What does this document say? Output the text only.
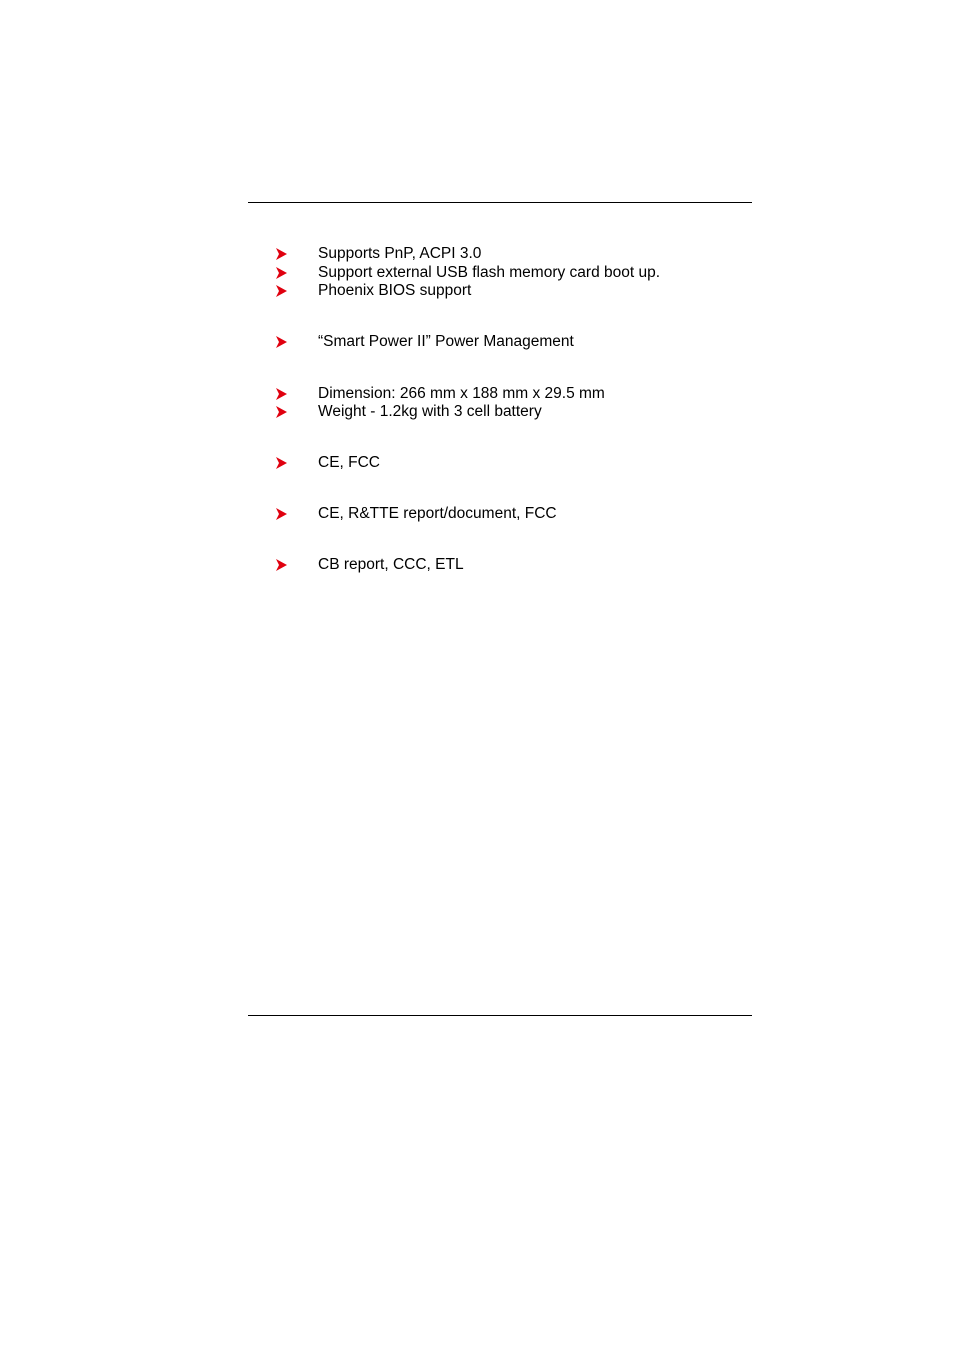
Supports PnP, ACPI 3.0
Support external USB flash memory card boot up.
Phoenix BIOS support
“Smart Power II” Power Management
Dimension: 266 mm x 188 mm x 29.5 mm
Weight - 1.2kg with 3 cell battery
CE, FCC
CE, R&TTE report/document, FCC
CB report, CCC, ETL
